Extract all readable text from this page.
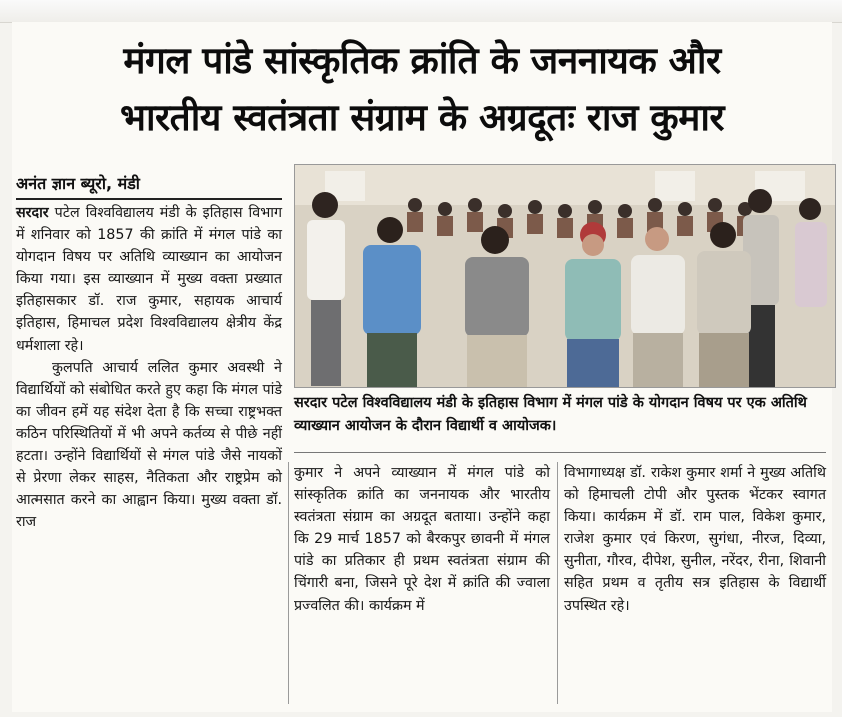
मंगल पांडे सांस्कृतिक क्रांति के जननायक और
भारतीय स्वतंत्रता संग्राम के अग्रदूतः राज कुमार
अनंत ज्ञान ब्यूरो, मंडी

सरदार पटेल विश्वविद्यालय मंडी के इतिहास विभाग में शनिवार को 1857 की क्रांति में मंगल पांडे का योगदान विषय पर अतिथि व्याख्यान का आयोजन किया गया। इस व्याख्यान में मुख्य वक्ता प्रख्यात इतिहासकार डॉ. राज कुमार, सहायक आचार्य इतिहास, हिमाचल प्रदेश विश्वविद्यालय क्षेत्रीय केंद्र धर्मशाला रहे।

कुलपति आचार्य ललित कुमार अवस्थी ने विद्यार्थियों को संबोधित करते हुए कहा कि मंगल पांडे का जीवन हमें यह संदेश देता है कि सच्चा राष्ट्रभक्त कठिन परिस्थितियों में भी अपने कर्तव्य से पीछे नहीं हटता। उन्होंने विद्यार्थियों से मंगल पांडे जैसे नायकों से प्रेरणा लेकर साहस, नैतिकता और राष्ट्रप्रेम को आत्मसात करने का आह्वान किया। मुख्य वक्ता डॉ. राज

सरदार पटेल विश्वविद्यालय मंडी के इतिहास विभाग में मंगल पांडे के योगदान विषय पर एक अतिथि व्याख्यान आयोजन के दौरान विद्यार्थी व आयोजक।
कुमार ने अपने व्याख्यान में मंगल पांडे को सांस्कृतिक क्रांति का जननायक और भारतीय स्वतंत्रता संग्राम का अग्रदूत बताया। उन्होंने कहा कि 29 मार्च 1857 को बैरकपुर छावनी में मंगल पांडे का प्रतिकार ही प्रथम स्वतंत्रता संग्राम की चिंगारी बना, जिसने पूरे देश में क्रांति की ज्वाला प्रज्वलित की। कार्यक्रम में
विभागाध्यक्ष डॉ. राकेश कुमार शर्मा ने मुख्य अतिथि को हिमाचली टोपी और पुस्तक भेंटकर स्वागत किया। कार्यक्रम में डॉ. राम पाल, विकेश कुमार, राजेश कुमार एवं किरण, सुगंधा, नीरज, दिव्या, सुनीता, गौरव, दीपेश, सुनील, नरेंदर, रीना, शिवानी सहित प्रथम व तृतीय सत्र इतिहास के विद्यार्थी उपस्थित रहे।
